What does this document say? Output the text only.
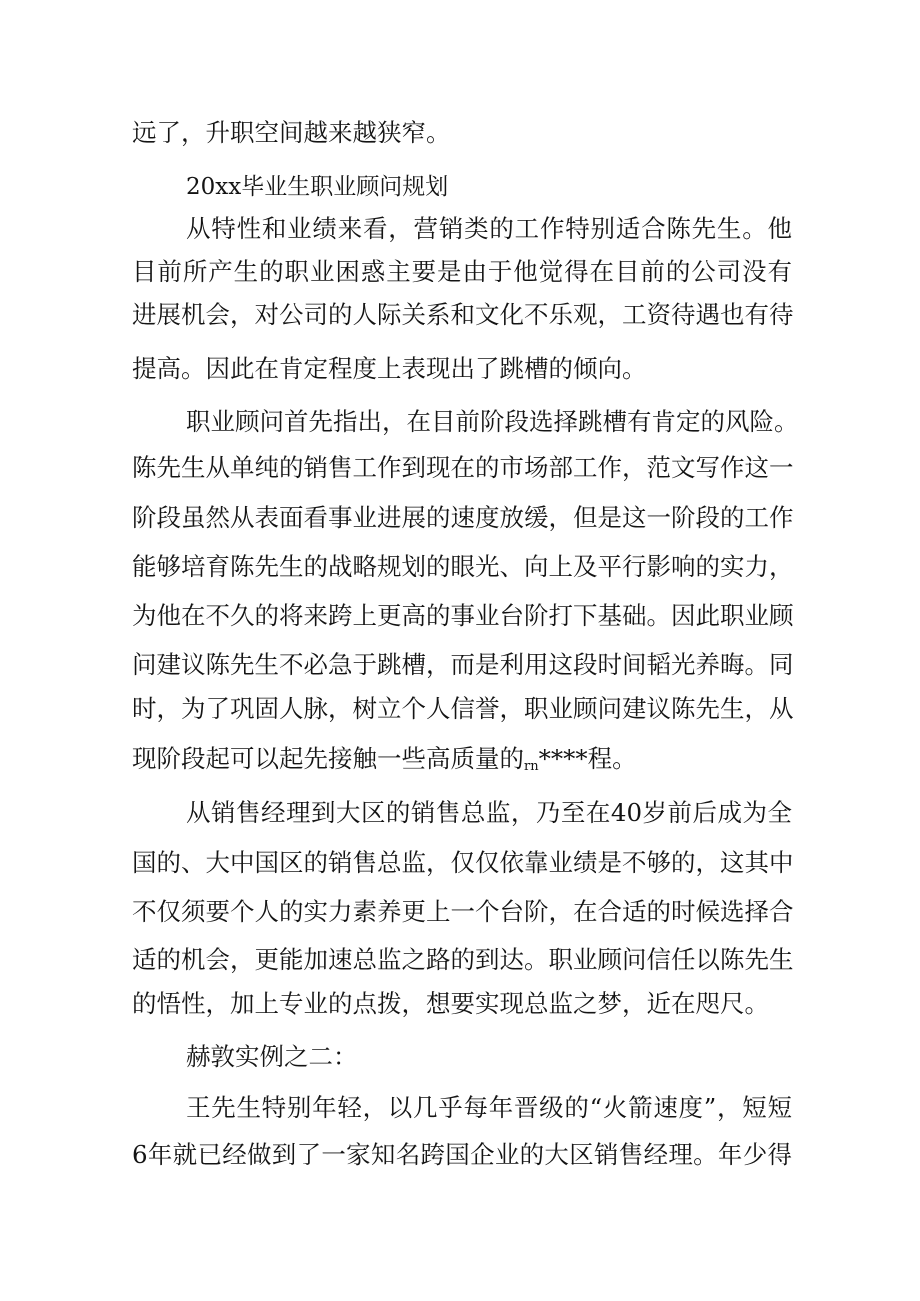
远了，升职空间越来越狭窄。
20xx毕业生职业顾问规划
从特性和业绩来看，营销类的工作特别适合陈先生。他
目前所产生的职业困惑主要是由于他觉得在目前的公司没有
进展机会，对公司的人际关系和文化不乐观，工资待遇也有待
提高。因此在肯定程度上表现出了跳槽的倾向。
职业顾问首先指出，在目前阶段选择跳槽有肯定的风险。
陈先生从单纯的销售工作到现在的市场部工作，范文写作这一
阶段虽然从表面看事业进展的速度放缓，但是这一阶段的工作
能够培育陈先生的战略规划的眼光、向上及平行影响的实力，
为他在不久的将来跨上更高的事业台阶打下基础。因此职业顾
问建议陈先生不必急于跳槽，而是利用这段时间韬光养晦。同
时，为了巩固人脉，树立个人信誉，职业顾问建议陈先生，从
现阶段起可以起先接触一些高质量的rn****程。
从销售经理到大区的销售总监，乃至在40岁前后成为全
国的、大中国区的销售总监，仅仅依靠业绩是不够的，这其中
不仅须要个人的实力素养更上一个台阶，在合适的时候选择合
适的机会，更能加速总监之路的到达。职业顾问信任以陈先生
的悟性，加上专业的点拨，想要实现总监之梦，近在咫尺。
赫敦实例之二：
王先生特别年轻，以几乎每年晋级的“火箭速度”，短短
6年就已经做到了一家知名跨国企业的大区销售经理。年少得
